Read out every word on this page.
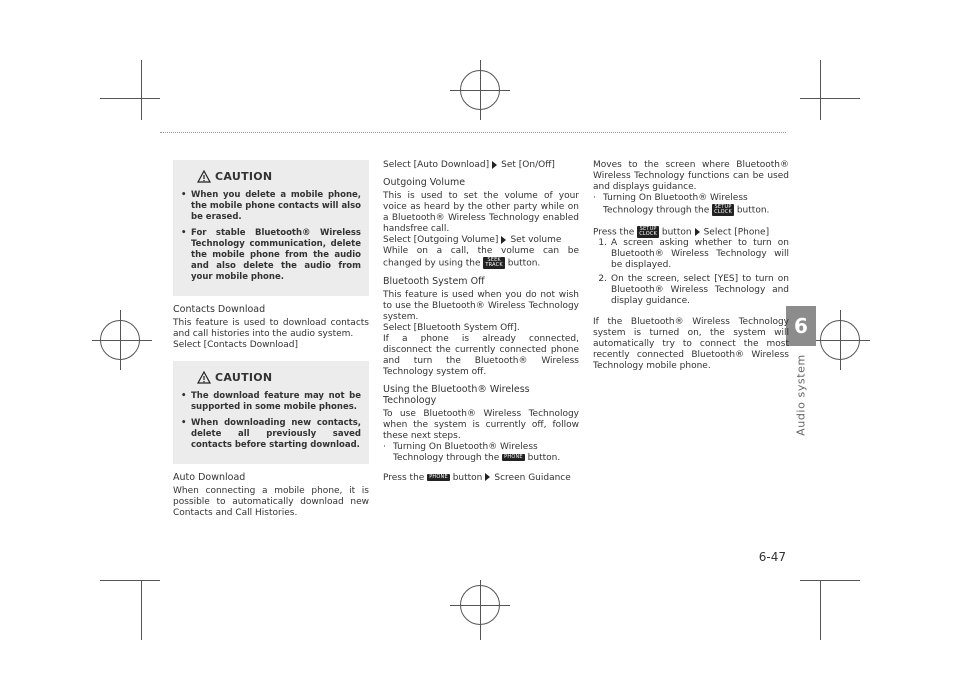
6
Audio system
6-47
CAUTION
• When you delete a mobile phone, the mobile phone contacts will also be erased.
• For stable Bluetooth® Wireless Technology communication, delete the mobile phone from the audio and also delete the audio from your mobile phone.
Contacts Download
This feature is used to download contacts and call histories into the audio system.
Select [Contacts Download]
CAUTION
• The download feature may not be supported in some mobile phones.
• When downloading new contacts, delete all previously saved contacts before starting download.
Auto Download
When connecting a mobile phone, it is possible to automatically download new Contacts and Call Histories.
Select [Auto Download] Set [On/Off]
Outgoing Volume
This is used to set the volume of your voice as heard by the other party while on a Bluetooth® Wireless Technology enabled handsfree call.
Select [Outgoing Volume] Set volume
While on a call, the volume can be changed by using the SEEK
TRACK button.
Bluetooth System Off
This feature is used when you do not wish to use the Bluetooth® Wireless Technology system.
Select [Bluetooth System Off].
If a phone is already connected, disconnect the currently connected phone and turn the Bluetooth® Wireless Technology system off.
Using the Bluetooth® Wireless Technology
To use Bluetooth® Wireless Technology when the system is currently off, follow these next steps.
· Turning On Bluetooth® Wireless Technology through the PHONE button.
Press the PHONE button Screen Guidance
Moves to the screen where Bluetooth® Wireless Technology functions can be used and displays guidance.
· Turning On Bluetooth® Wireless Technology through the SETUP
CLOCK button.
Press the SETUP
CLOCK button Select [Phone]
1. A screen asking whether to turn on Bluetooth® Wireless Technology will be displayed.
2. On the screen, select [YES] to turn on Bluetooth® Wireless Technology and display guidance.
If the Bluetooth® Wireless Technology system is turned on, the system will automatically try to connect the most recently connected Bluetooth® Wireless Technology mobile phone.
